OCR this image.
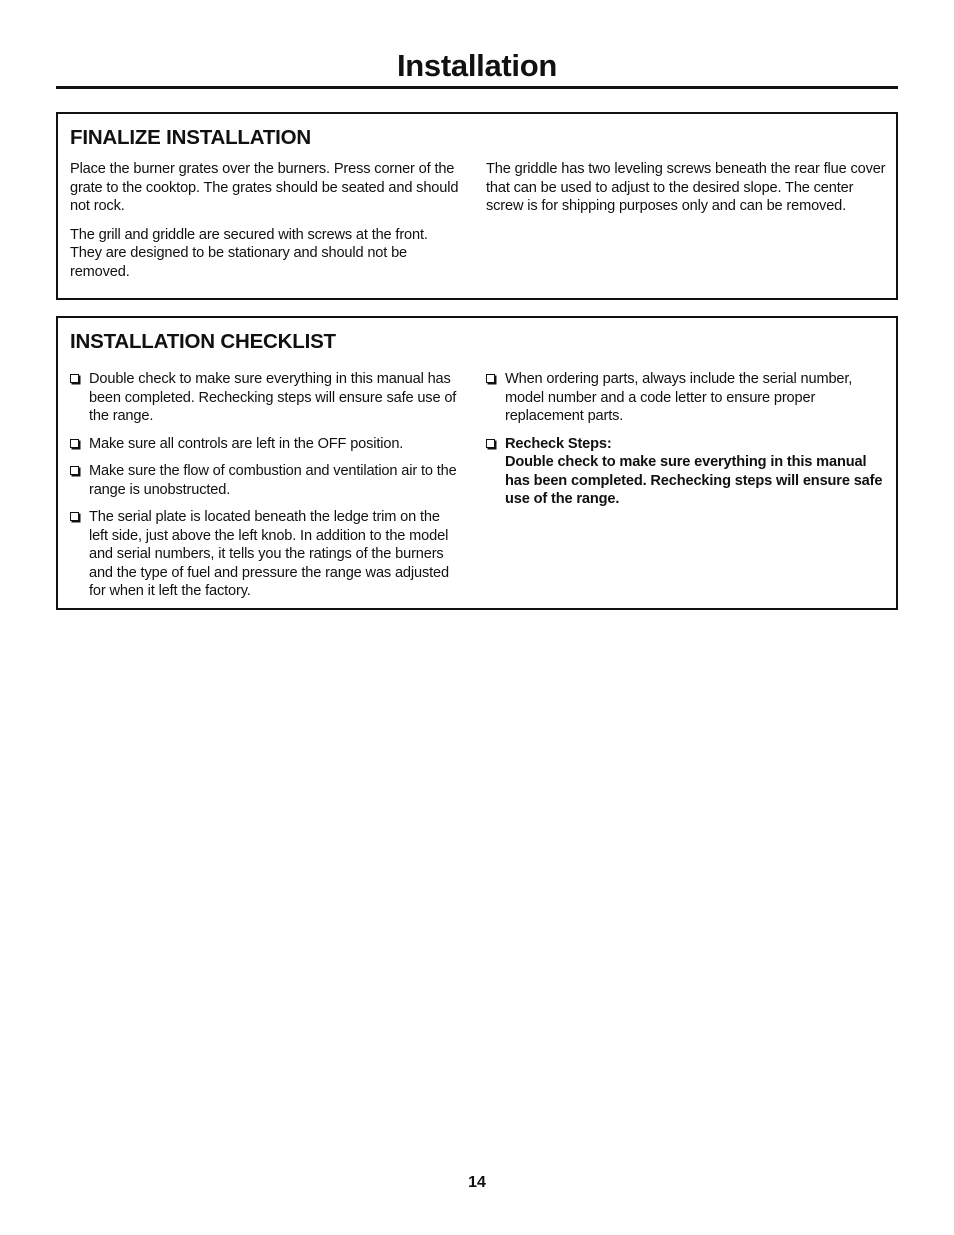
Installation
FINALIZE INSTALLATION

Place the burner grates over the burners. Press corner of the grate to the cooktop. The grates should be seated and should not rock.

The grill and griddle are secured with screws at the front. They are designed to be stationary and should not be removed.

The griddle has two leveling screws beneath the rear flue cover that can be used to adjust to the desired slope. The center screw is for shipping purposes only and can be removed.

INSTALLATION CHECKLIST
Double check to make sure everything in this manual has been completed. Rechecking steps will ensure safe use of the range.
Make sure all controls are left in the OFF position.
Make sure the flow of combustion and ventilation air to the range is unobstructed.
The serial plate is located beneath the ledge trim on the left side, just above the left knob. In addition to the model and serial numbers, it tells you the ratings of the burners and the type of fuel and pressure the range was adjusted for when it left the factory.
When ordering parts, always include the serial number, model number and a code letter to ensure proper replacement parts.
Recheck Steps:
Double check to make sure everything in this manual has been completed. Rechecking steps will ensure safe use of the range.
14
